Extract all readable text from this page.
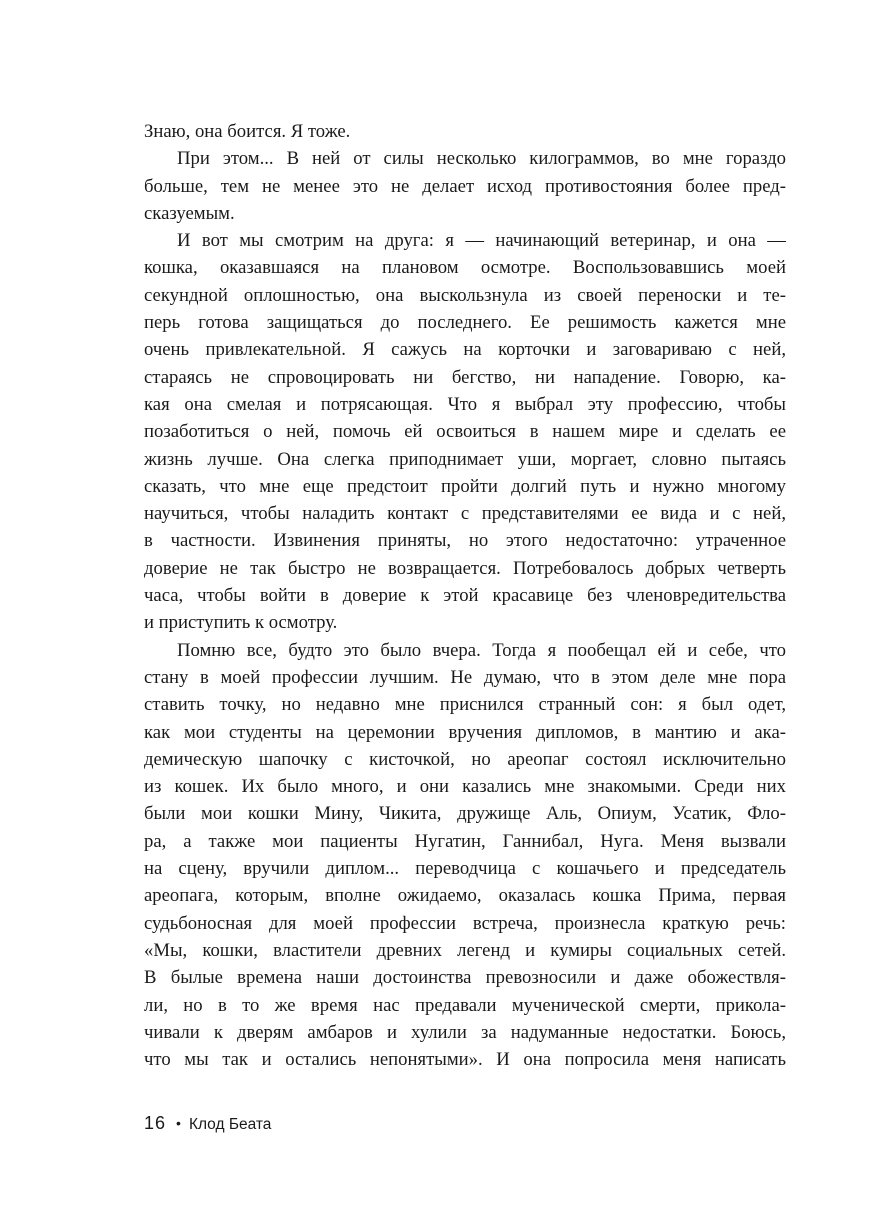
Знаю, она боится. Я тоже.
При этом... В ней от силы несколько килограммов, во мне гораздо
больше, тем не менее это не делает исход противостояния более пред-
сказуемым.
И вот мы смотрим на друга: я — начинающий ветеринар, и она —
кошка, оказавшаяся на плановом осмотре. Воспользовавшись моей
секундной оплошностью, она выскользнула из своей переноски и те-
перь готова защищаться до последнего. Ее решимость кажется мне
очень привлекательной. Я сажусь на корточки и заговариваю с ней,
стараясь не спровоцировать ни бегство, ни нападение. Говорю, ка-
кая она смелая и потрясающая. Что я выбрал эту профессию, чтобы
позаботиться о ней, помочь ей освоиться в нашем мире и сделать ее
жизнь лучше. Она слегка приподнимает уши, моргает, словно пытаясь
сказать, что мне еще предстоит пройти долгий путь и нужно многому
научиться, чтобы наладить контакт с представителями ее вида и с ней,
в частности. Извинения приняты, но этого недостаточно: утраченное
доверие не так быстро не возвращается. Потребовалось добрых четверть
часа, чтобы войти в доверие к этой красавице без членовредительства
и приступить к осмотру.
Помню все, будто это было вчера. Тогда я пообещал ей и себе, что
стану в моей профессии лучшим. Не думаю, что в этом деле мне пора
ставить точку, но недавно мне приснился странный сон: я был одет,
как мои студенты на церемонии вручения дипломов, в мантию и ака-
демическую шапочку с кисточкой, но ареопаг состоял исключительно
из кошек. Их было много, и они казались мне знакомыми. Среди них
были мои кошки Мину, Чикита, дружище Аль, Опиум, Усатик, Фло-
ра, а также мои пациенты Нугатин, Ганнибал, Нуга. Меня вызвали
на сцену, вручили диплом... переводчица с кошачьего и председатель
ареопага, которым, вполне ожидаемо, оказалась кошка Прима, первая
судьбоносная для моей профессии встреча, произнесла краткую речь:
«Мы, кошки, властители древних легенд и кумиры социальных сетей.
В былые времена наши достоинства превозносили и даже обожествля-
ли, но в то же время нас предавали мученической смерти, прикола-
чивали к дверям амбаров и хулили за надуманные недостатки. Боюсь,
что мы так и остались непонятыми». И она попросила меня написать
16 • Клод Беата
